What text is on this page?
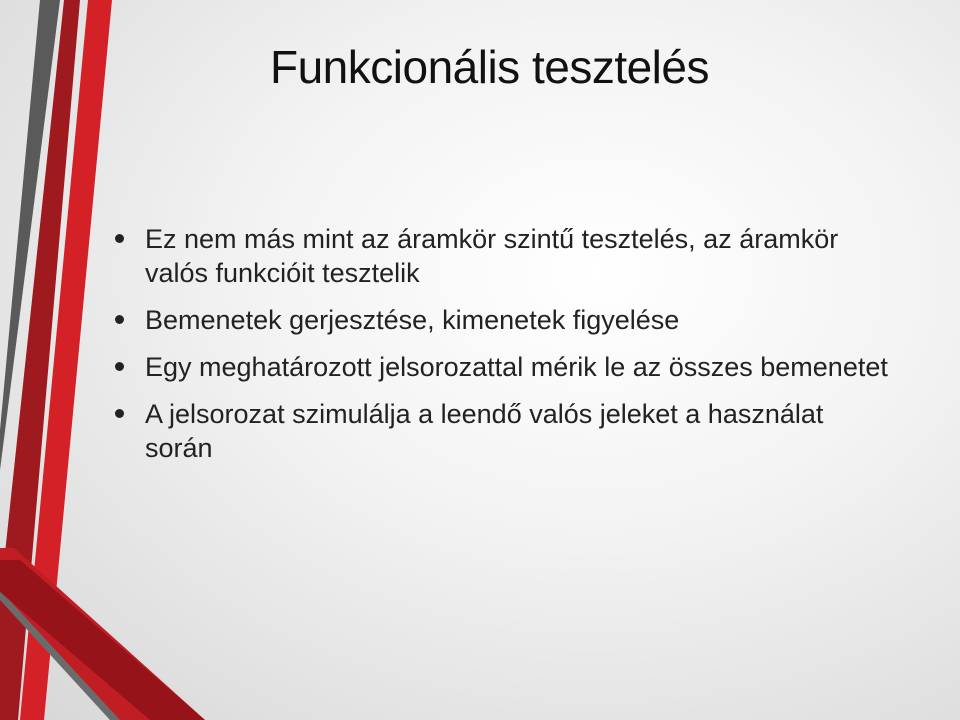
Funkcionális tesztelés
Ez nem más mint az áramkör szintű tesztelés, az áramkör valós funkcióit tesztelik
Bemenetek gerjesztése, kimenetek figyelése
Egy meghatározott jelsorozattal mérik le az összes bemenetet
A jelsorozat szimulálja a leendő valós jeleket a használat során
